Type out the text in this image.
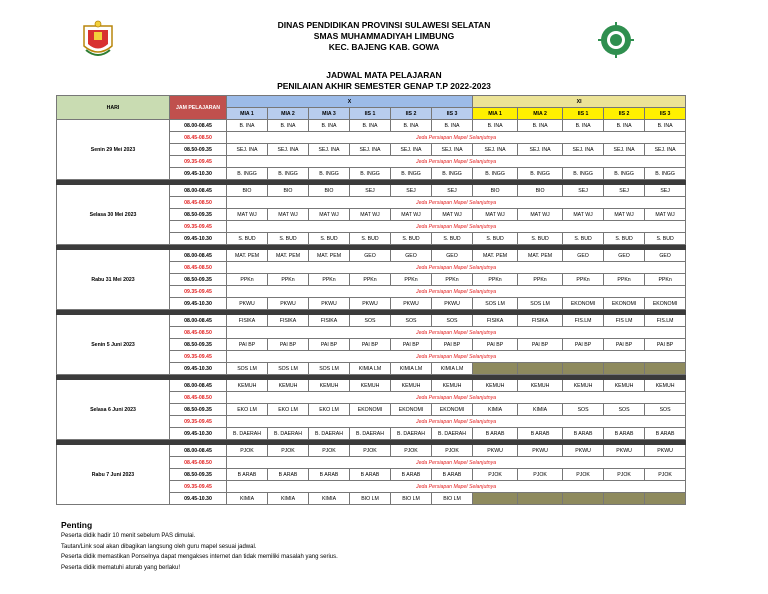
DINAS PENDIDIKAN PROVINSI SULAWESI SELATAN
SMAS MUHAMMADIYAH LIMBUNG
KEC. BAJENG KAB. GOWA
JADWAL MATA PELAJARAN
PENILAIAN AKHIR SEMESTER GENAP T.P 2022-2023
HARI	JAM PELAJARAN	X						XI				
		MIA 1	MIA 2	MIA 3	IIS 1	IIS 2	IIS 3	MIA 1	MIA 2	IIS 1	IIS 2	IIS 3
Senin 29 Mei 2023	08.00-08.45	B. INA	B. INA	B. INA	B. INA	B. INA	B. INA	B. INA	B. INA	B. INA	B. INA	B. INA
	08.45-08.50	Jeda Persiapan Mapel Selanjutnya										
	08.50-09.35	SEJ. INA	SEJ. INA	SEJ. INA	SEJ. INA	SEJ. INA	SEJ. INA	SEJ. INA	SEJ. INA	SEJ. INA	SEJ. INA	SEJ. INA
	09.35-09.45	Jeda Persiapan Mapel Selanjutnya										
	09.45-10.30	B. INGG	B. INGG	B. INGG	B. INGG	B. INGG	B. INGG	B. INGG	B. INGG	B. INGG	B. INGG	B. INGG

Selasa 30 Mei 2023	08.00-08.45	BIO	BIO	BIO	SEJ	SEJ	SEJ	BIO	BIO	SEJ	SEJ	SEJ
	08.45-08.50	Jeda Persiapan Mapel Selanjutnya										
	08.50-09.35	MAT WJ	MAT WJ	MAT WJ	MAT WJ	MAT WJ	MAT WJ	MAT WJ	MAT WJ	MAT WJ	MAT WJ	MAT WJ
	09.35-09.45	Jeda Persiapan Mapel Selanjutnya										
	09.45-10.30	S. BUD	S. BUD	S. BUD	S. BUD	S. BUD	S. BUD	S. BUD	S. BUD	S. BUD	S. BUD	S. BUD

Rabu 31 Mei 2023	08.00-08.45	MAT. PEM	MAT. PEM	MAT. PEM	GEO	GEO	GEO	MAT. PEM	MAT. PEM	GEO	GEO	GEO
	08.45-08.50	Jeda Persiapan Mapel Selanjutnya										
	08.50-09.35	PPKn	PPKn	PPKn	PPKn	PPKn	PPKn	PPKn	PPKn	PPKn	PPKn	PPKn
	09.35-09.45	Jeda Persiapan Mapel Selanjutnya										
	09.45-10.30	PKWU	PKWU	PKWU	PKWU	PKWU	PKWU	SOS LM	SOS LM	EKONOMI	EKONOMI	EKONOMI

Senin 5 Juni 2023	08.00-08.45	FISIKA	FISIKA	FISIKA	SOS	SOS	SOS	FISIKA	FISIKA	FIS.LM	FIS LM	FIS.LM
	08.45-08.50	Jeda Persiapan Mapel Selanjutnya										
	08.50-09.35	PAI BP	PAI BP	PAI BP	PAI BP	PAI BP	PAI BP	PAI BP	PAI BP	PAI BP	PAI BP	PAI BP
	09.35-09.45	Jeda Persiapan Mapel Selanjutnya										
	09.45-10.30	SOS LM	SOS LM	SOS LM	KIMIA LM	KIMIA LM	KIMIA LM					

Selasa 6 Juni 2023	08.00-08.45	KEMUH	KEMUH	KEMUH	KEMUH	KEMUH	KEMUH	KEMUH	KEMUH	KEMUH	KEMUH	KEMUH
	08.45-08.50	Jeda Persiapan Mapel Selanjutnya										
	08.50-09.35	EKO LM	EKO LM	EKO LM	EKONOMI	EKONOMI	EKONOMI	KIMIA	KIMIA	SOS	SOS	SOS
	09.35-09.45	Jeda Persiapan Mapel Selanjutnya										
	09.45-10.30	B. DAERAH	B. DAERAH	B. DAERAH	B. DAERAH	B. DAERAH	B. DAERAH	B ARAB	B ARAB	B ARAB	B ARAB	B ARAB

Rabu 7 Juni 2023	08.00-08.45	PJOK	PJOK	PJOK	PJOK	PJOK	PJOK	PKWU	PKWU	PKWU	PKWU	PKWU
	08.45-08.50	Jeda Persiapan Mapel Selanjutnya										
	08.50-09.35	B ARAB	B ARAB	B ARAB	B ARAB	B ARAB	B ARAB	PJOK	PJOK	PJOK	PJOK	PJOK
	09.35-09.45	Jeda Persiapan Mapel Selanjutnya										
	09.45-10.30	KIMIA	KIMIA	KIMIA	BIO LM	BIO LM	BIO LM					
Penting
Peserta didik hadir 10 menit sebelum PAS dimulai.
Tautan/Link soal akan dibagikan langsung oleh guru mapel sesuai jadwal.
Peserta didik memastikan Ponselnya dapat mengakses internet dan tidak memiliki masalah yang serius.
Peserta didik mematuhi aturab yang berlaku!
